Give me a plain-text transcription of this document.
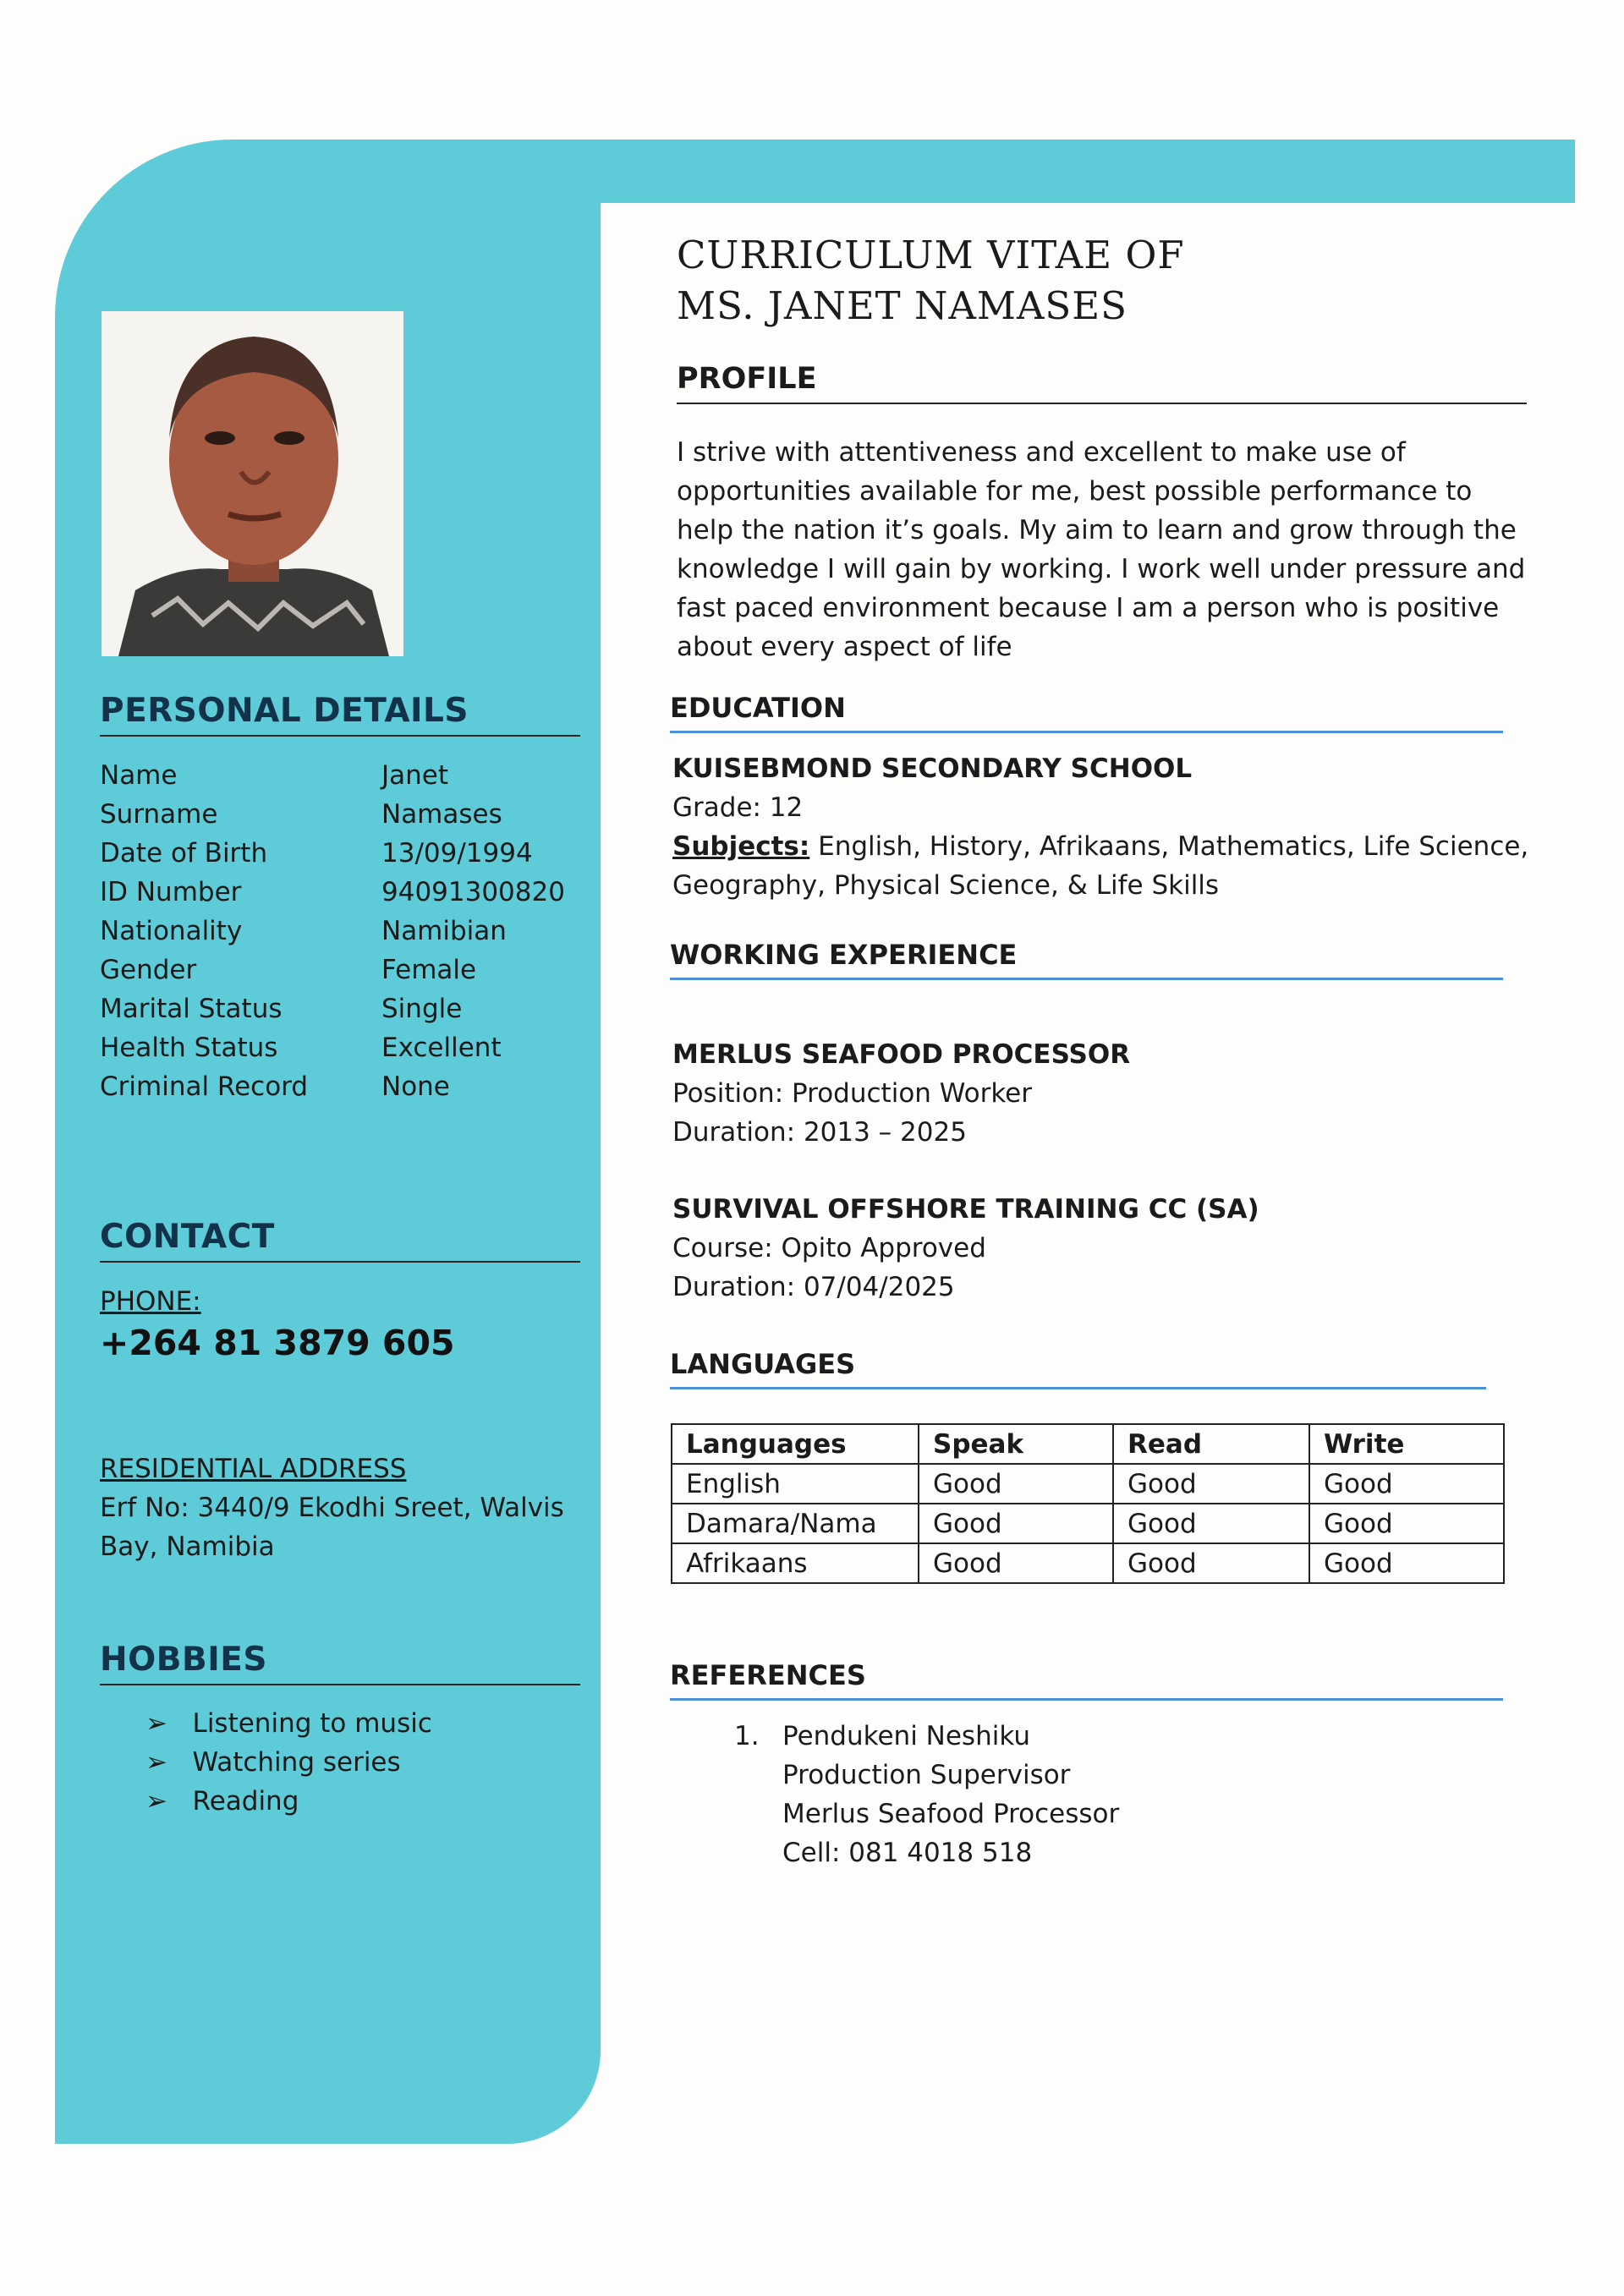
PERSONAL DETAILS
Name	Janet
Surname	Namases
Date of Birth	13/09/1994
ID Number	94091300820
Nationality	Namibian
Gender	Female
Marital Status	Single
Health Status	Excellent
Criminal Record	None
CONTACT
PHONE:
+264 81 3879 605
RESIDENTIAL ADDRESS
Erf No: 3440/9 Ekodhi Sreet, Walvis
Bay, Namibia
HOBBIES
➢ Listening to music
➢ Watching series
➢ Reading
CURRICULUM VITAE OF
MS. JANET NAMASES
PROFILE
I strive with attentiveness and excellent to make use of
opportunities available for me, best possible performance to
help the nation it’s goals. My aim to learn and grow through the
knowledge I will gain by working. I work well under pressure and
fast paced environment because I am a person who is positive
about every aspect of life
EDUCATION
KUISEBMOND SECONDARY SCHOOL
Grade: 12
Subjects: English, History, Afrikaans, Mathematics, Life Science,
Geography, Physical Science, & Life Skills
WORKING EXPERIENCE
MERLUS SEAFOOD PROCESSOR
Position: Production Worker
Duration: 2013 – 2025
SURVIVAL OFFSHORE TRAINING CC (SA)
Course: Opito Approved
Duration: 07/04/2025
LANGUAGES
Languages	Speak	Read	Write
English	Good	Good	Good
Damara/Nama	Good	Good	Good
Afrikaans	Good	Good	Good
REFERENCES
1. Pendukeni Neshiku
Production Supervisor
Merlus Seafood Processor
Cell: 081 4018 518
